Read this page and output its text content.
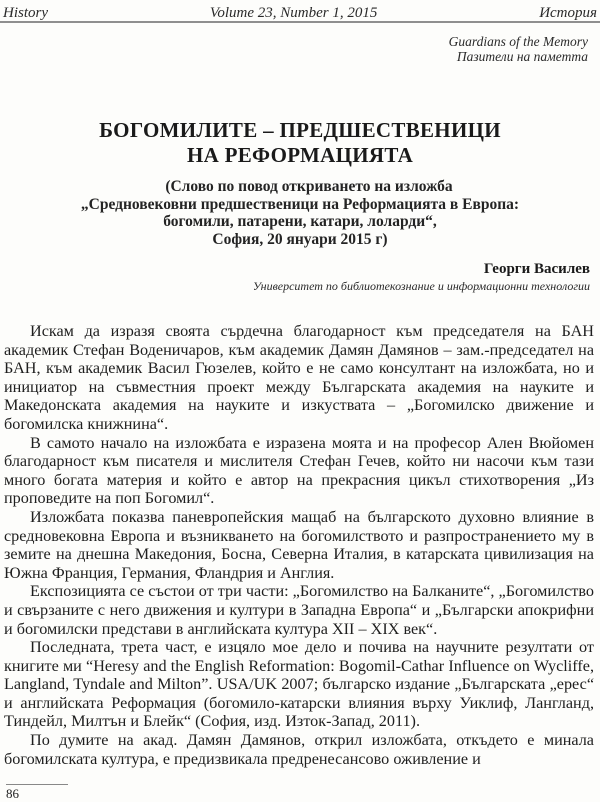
History	Volume 23, Number 1, 2015	История
Guardians of the Memory
Пазители на паметта
БОГОМИЛИТЕ – ПРЕДШЕСТВЕНИЦИ
НА РЕФОРМАЦИЯТА
(Слово по повод откриването на изложба
„Средновековни предшественици на Реформацията в Европа:
богомили, патарени, катари, лоларди“,
София, 20 януари 2015 г)
Георги Василев
Университет по библиотекознание и информационни технологии

Искам да изразя своята сърдечна благодарност към председателя на БАН академик Стефан Воденичаров, към академик Дамян Дамянов – зам.-председател на БАН, към академик Васил Гюзелев, който е не само консултант на изложбата, но и инициатор на съвместния проект между Българската академия на науките и Македонската академия на науките и изкуствата – „Богомилско движение и богомилска книжнина“.

В самото начало на изложбата е изразена моята и на професор Ален Вюйомен благодарност към писателя и мислителя Стефан Гечев, който ни насочи към тази много богата материя и който е автор на прекрасния цикъл стихотворения „Из проповедите на поп Богомил“.

Изложбата показва паневропейския мащаб на българското духовно влияние в средновековна Европа и възникването на богомилството и разпространението му в земите на днешна Македония, Босна, Северна Италия, в катарската цивилизация на Южна Франция, Германия, Фландрия и Англия.

Експозицията се състои от три части: „Богомилство на Балканите“, „Богомилство и свързаните с него движения и култури в Западна Европа“ и „Български апокрифни и богомилски представи в английската култура XII – XIX век“.

Последната, трета част, е изцяло мое дело и почива на научните резултати от книгите ми “Heresy and the English Reformation: Bogomil-Cathar Influence on Wycliffe, Langland, Tyndale and Milton”. USA/UK 2007; българско издание „Българската „ерес“ и английската Реформация (богомило-катарски влияния върху Уиклиф, Ланглaнд, Тиндейл, Милтън и Блейк“ (София, изд. Изток-Запад, 2011).

По думите на акад. Дамян Дамянов, открил изложбата, откъдето е минала богомилската култура, е предизвикала предренесансово оживление и

86
